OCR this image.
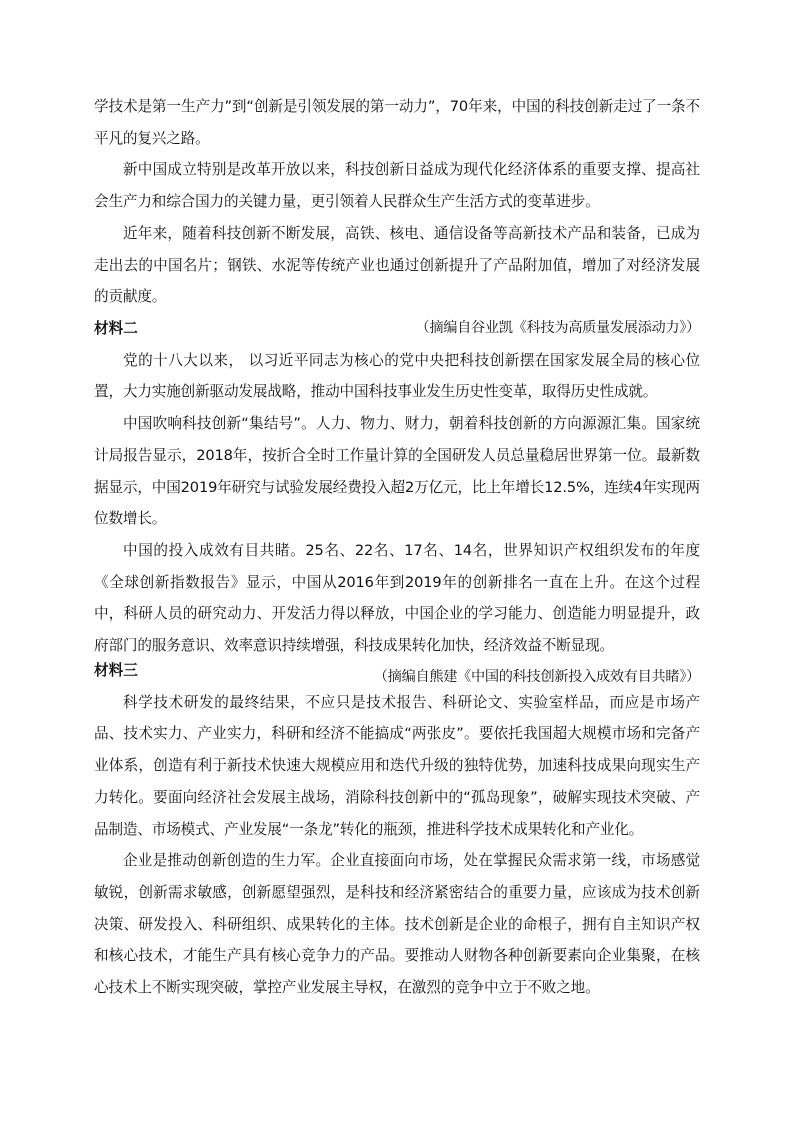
学技术是第一生产力”到“创新是引领发展的第一动力”，70年来，中国的科技创新走过了一条不平凡的复兴之路。

新中国成立特别是改革开放以来，科技创新日益成为现代化经济体系的重要支撑、提高社会生产力和综合国力的关键力量，更引领着人民群众生产生活方式的变革进步。

近年来，随着科技创新不断发展，高铁、核电、通信设备等高新技术产品和装备，已成为走出去的中国名片；钢铁、水泥等传统产业也通过创新提升了产品附加值，增加了对经济发展的贡献度。

（摘编自谷业凯《科技为高质量发展添动力》）

材料二

党的十八大以来， 以习近平同志为核心的党中央把科技创新摆在国家发展全局的核心位置，大力实施创新驱动发展战略，推动中国科技事业发生历史性变革，取得历史性成就。

中国吹响科技创新“集结号”。人力、物力、财力，朝着科技创新的方向源源汇集。国家统计局报告显示，2018年，按折合全时工作量计算的全国研发人员总量稳居世界第一位。最新数据显示，中国2019年研究与试验发展经费投入超2万亿元，比上年增长12.5%，连续4年实现两位数增长。

中国的投入成效有目共睹。25名、22名、17名、14名，世界知识产权组织发布的年度《全球创新指数报告》显示，中国从2016年到2019年的创新排名一直在上升。在这个过程中，科研人员的研究动力、开发活力得以释放，中国企业的学习能力、创造能力明显提升，政府部门的服务意识、效率意识持续增强，科技成果转化加快，经济效益不断显现。

（摘编自熊建《中国的科技创新投入成效有目共睹》）

材料三

科学技术研发的最终结果，不应只是技术报告、科研论文、实验室样品，而应是市场产品、技术实力、产业实力，科研和经济不能搞成“两张皮”。要依托我国超大规模市场和完备产业体系，创造有利于新技术快速大规模应用和迭代升级的独特优势，加速科技成果向现实生产力转化。要面向经济社会发展主战场，消除科技创新中的“孤岛现象”，破解实现技术突破、产品制造、市场模式、产业发展“一条龙”转化的瓶颈，推进科学技术成果转化和产业化。

企业是推动创新创造的生力军。企业直接面向市场，处在掌握民众需求第一线，市场感觉敏锐，创新需求敏感，创新愿望强烈，是科技和经济紧密结合的重要力量，应该成为技术创新决策、研发投入、科研组织、成果转化的主体。技术创新是企业的命根子，拥有自主知识产权和核心技术，才能生产具有核心竞争力的产品。要推动人财物各种创新要素向企业集聚，在核心技术上不断实现突破，掌控产业发展主导权，在激烈的竞争中立于不败之地。
